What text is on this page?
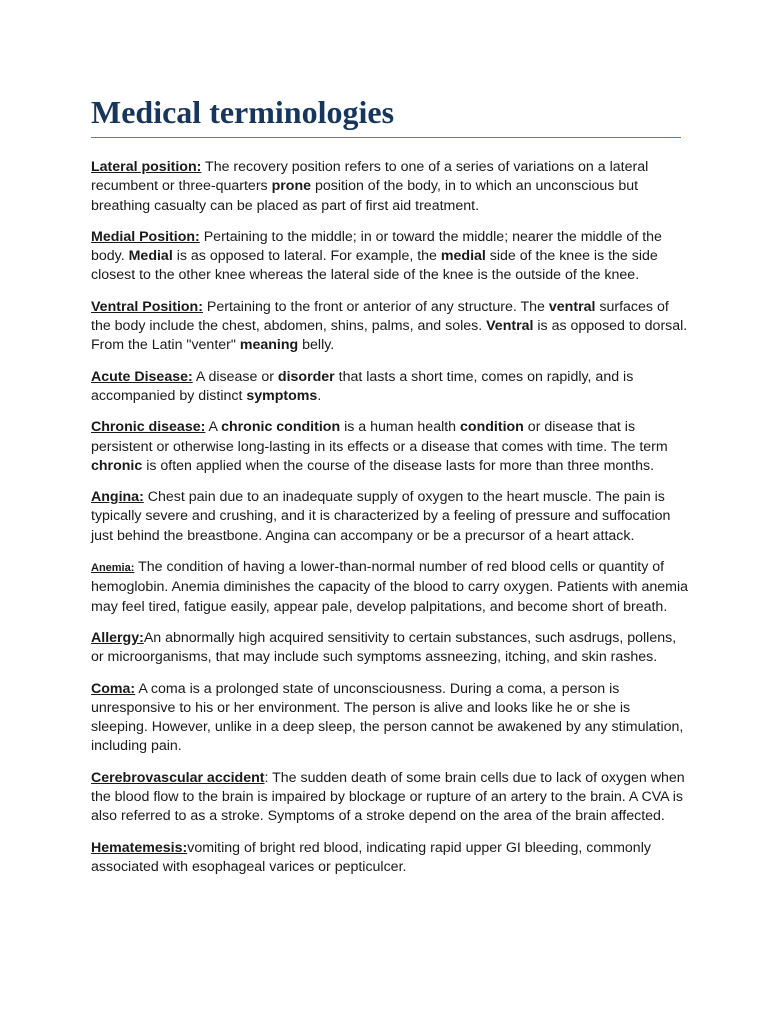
Medical terminologies

Lateral position: The recovery position refers to one of a series of variations on a lateral recumbent or three-quarters prone position of the body, in to which an unconscious but breathing casualty can be placed as part of first aid treatment.

Medial Position: Pertaining to the middle; in or toward the middle; nearer the middle of the body. Medial is as opposed to lateral. For example, the medial side of the knee is the side closest to the other knee whereas the lateral side of the knee is the outside of the knee.

Ventral Position: Pertaining to the front or anterior of any structure. The ventral surfaces of the body include the chest, abdomen, shins, palms, and soles. Ventral is as opposed to dorsal. From the Latin "venter" meaning belly.

Acute Disease: A disease or disorder that lasts a short time, comes on rapidly, and is accompanied by distinct symptoms.

Chronic disease: A chronic condition is a human health condition or disease that is persistent or otherwise long-lasting in its effects or a disease that comes with time. The term chronic is often applied when the course of the disease lasts for more than three months.

Angina: Chest pain due to an inadequate supply of oxygen to the heart muscle. The pain is typically severe and crushing, and it is characterized by a feeling of pressure and suffocation just behind the breastbone. Angina can accompany or be a precursor of a heart attack.

Anemia: The condition of having a lower-than-normal number of red blood cells or quantity of hemoglobin. Anemia diminishes the capacity of the blood to carry oxygen. Patients with anemia may feel tired, fatigue easily, appear pale, develop palpitations, and become short of breath.

Allergy:An abnormally high acquired sensitivity to certain substances, such asdrugs, pollens, or microorganisms, that may include such symptoms assneezing, itching, and skin rashes.

Coma: A coma is a prolonged state of unconsciousness. During a coma, a person is unresponsive to his or her environment. The person is alive and looks like he or she is sleeping. However, unlike in a deep sleep, the person cannot be awakened by any stimulation, including pain.

Cerebrovascular accident: The sudden death of some brain cells due to lack of oxygen when the blood flow to the brain is impaired by blockage or rupture of an artery to the brain. A CVA is also referred to as a stroke. Symptoms of a stroke depend on the area of the brain affected.

Hematemesis:vomiting of bright red blood, indicating rapid upper GI bleeding, commonly associated with esophageal varices or pepticulcer.
